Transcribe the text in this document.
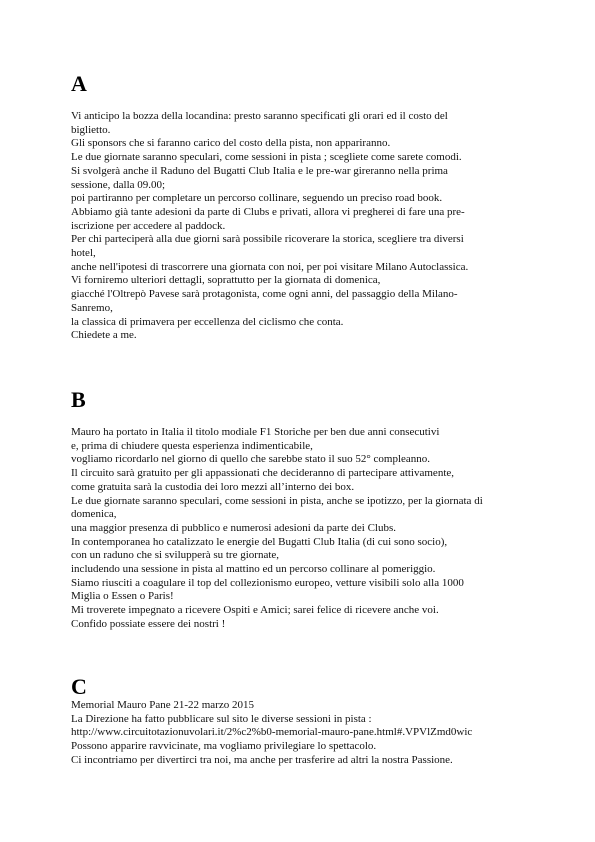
A
Vi anticipo la bozza della locandina: presto saranno specificati gli orari ed il costo del
biglietto.
Gli sponsors che si faranno carico del costo della pista, non appariranno.
Le due giornate saranno speculari, come sessioni in pista ; scegliete come sarete comodi.
Si svolgerà anche il Raduno del Bugatti Club Italia e le pre-war gireranno nella prima
sessione, dalla 09.00;
poi partiranno per completare un percorso collinare, seguendo un preciso road book.
Abbiamo già tante adesioni da parte di Clubs e privati, allora vi pregherei di fare una pre-
iscrizione per accedere al paddock.
Per chi parteciperà alla due giorni sarà possibile ricoverare la storica, scegliere tra diversi
hotel,
anche nell'ipotesi di trascorrere una giornata con noi, per poi visitare Milano Autoclassica.
Vi forniremo ulteriori dettagli, soprattutto per la giornata di domenica,
giacché l'Oltrepò Pavese sarà protagonista, come ogni anni, del passaggio della Milano-
Sanremo,
la classica di primavera per eccellenza del ciclismo che conta.
Chiedete a me.
B
Mauro ha portato in Italia il titolo modiale F1 Storiche per ben due anni consecutivi
e, prima di chiudere questa esperienza indimenticabile,
vogliamo ricordarlo nel giorno di quello che sarebbe stato il suo 52° compleanno.
Il circuito sarà gratuito per gli appassionati che decideranno di partecipare attivamente,
come gratuita sarà la custodia dei loro mezzi all’interno dei box.
Le due giornate saranno speculari, come sessioni in pista, anche se ipotizzo, per la giornata di
domenica,
una maggior presenza di pubblico e numerosi adesioni da parte dei Clubs.
In contemporanea ho catalizzato le energie del Bugatti Club Italia (di cui sono socio),
con un raduno che si svilupperà su tre giornate,
includendo una sessione in pista al mattino ed un percorso collinare al pomeriggio.
Siamo riusciti a coagulare il top del collezionismo europeo, vetture visibili solo alla 1000
Miglia o Essen o Paris!
Mi troverete impegnato a ricevere Ospiti e Amici; sarei felice di ricevere anche voi.
Confido possiate essere dei nostri !
C
Memorial Mauro Pane 21-22 marzo 2015
La Direzione ha fatto pubblicare sul sito le diverse sessioni in pista :
http://www.circuitotazionuvolari.it/2%c2%b0-memorial-mauro-pane.html#.VPVlZmd0wic
Possono apparire ravvicinate, ma vogliamo privilegiare lo spettacolo.
Ci incontriamo per divertirci tra noi, ma anche per trasferire ad altri la nostra Passione.
